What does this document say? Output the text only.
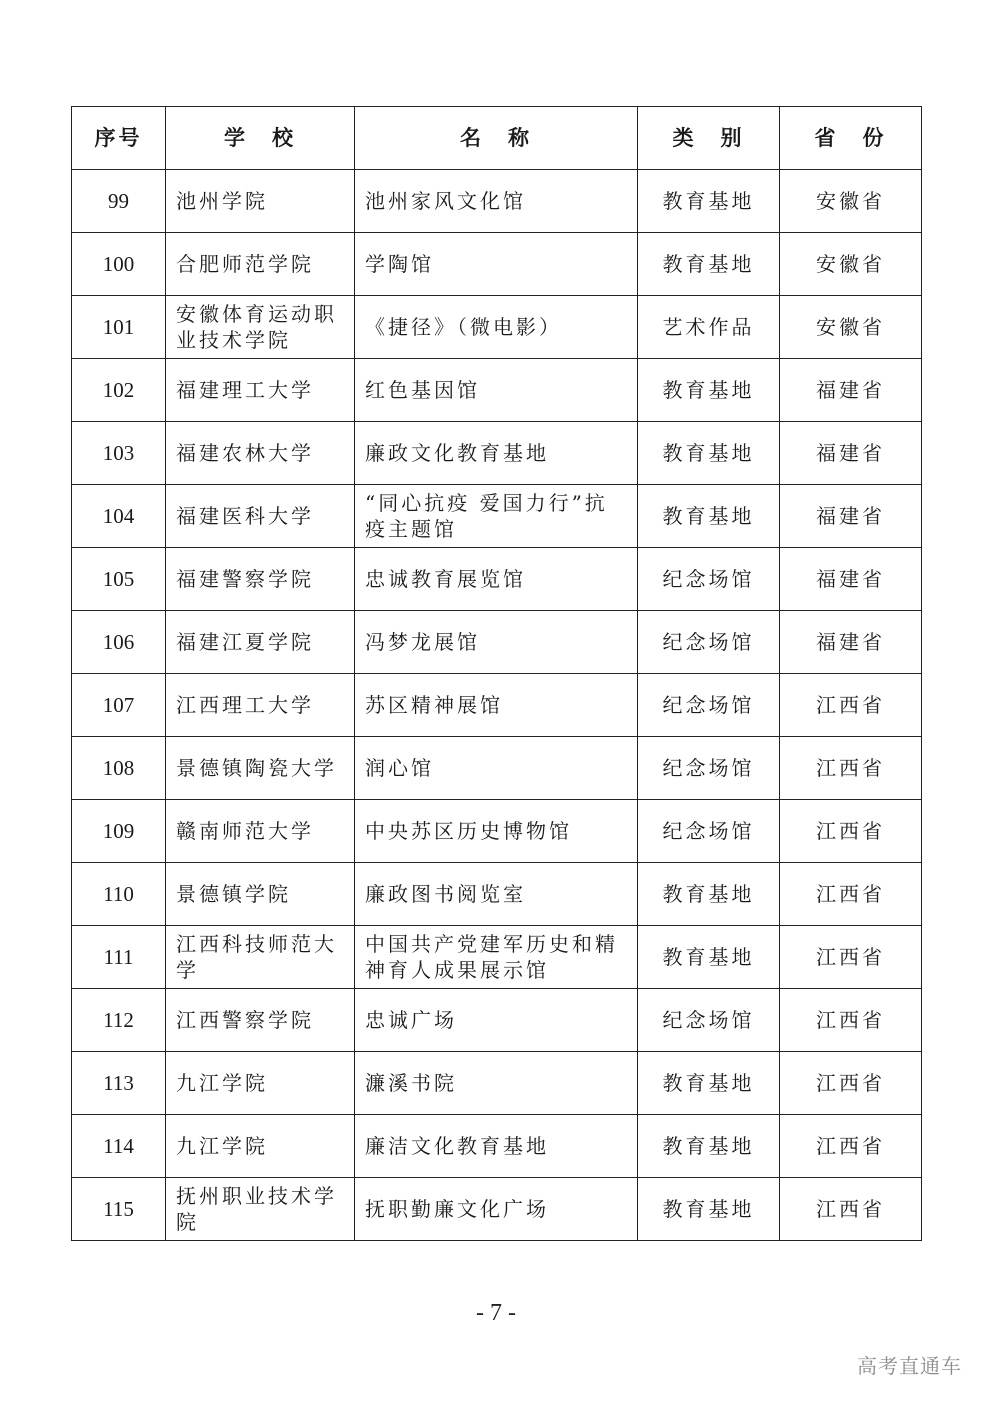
序号	学　校	名　称	类　别	省　份
99	池州学院	池州家风文化馆	教育基地	安徽省
100	合肥师范学院	学陶馆	教育基地	安徽省
101	安徽体育运动职业技术学院	《捷径》（微电影）	艺术作品	安徽省
102	福建理工大学	红色基因馆	教育基地	福建省
103	福建农林大学	廉政文化教育基地	教育基地	福建省
104	福建医科大学	“同心抗疫 爱国力行”抗疫主题馆	教育基地	福建省
105	福建警察学院	忠诚教育展览馆	纪念场馆	福建省
106	福建江夏学院	冯梦龙展馆	纪念场馆	福建省
107	江西理工大学	苏区精神展馆	纪念场馆	江西省
108	景德镇陶瓷大学	润心馆	纪念场馆	江西省
109	赣南师范大学	中央苏区历史博物馆	纪念场馆	江西省
110	景德镇学院	廉政图书阅览室	教育基地	江西省
111	江西科技师范大学	中国共产党建军历史和精神育人成果展示馆	教育基地	江西省
112	江西警察学院	忠诚广场	纪念场馆	江西省
113	九江学院	濂溪书院	教育基地	江西省
114	九江学院	廉洁文化教育基地	教育基地	江西省
115	抚州职业技术学院	抚职勤廉文化广场	教育基地	江西省
- 7 -
高考直通车
